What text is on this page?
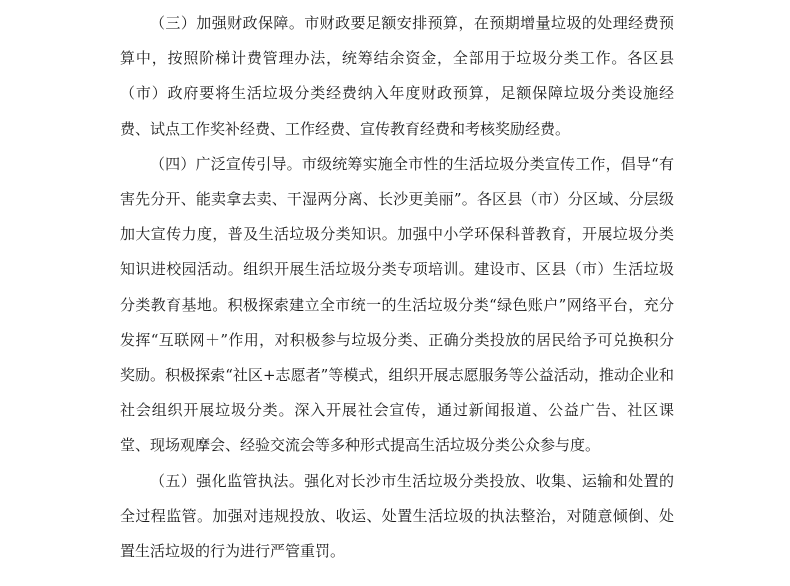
（三）加强财政保障。市财政要足额安排预算，在预期增量垃圾的处理经费预算中，按照阶梯计费管理办法，统筹结余资金，全部用于垃圾分类工作。各区县（市）政府要将生活垃圾分类经费纳入年度财政预算，足额保障垃圾分类设施经费、试点工作奖补经费、工作经费、宣传教育经费和考核奖励经费。

（四）广泛宣传引导。市级统筹实施全市性的生活垃圾分类宣传工作，倡导“有害先分开、能卖拿去卖、干湿两分离、长沙更美丽”。各区县（市）分区域、分层级加大宣传力度，普及生活垃圾分类知识。加强中小学环保科普教育，开展垃圾分类知识进校园活动。组织开展生活垃圾分类专项培训。建设市、区县（市）生活垃圾分类教育基地。积极探索建立全市统一的生活垃圾分类“绿色账户”网络平台，充分发挥“互联网＋”作用，对积极参与垃圾分类、正确分类投放的居民给予可兑换积分奖励。积极探索“社区+志愿者”等模式，组织开展志愿服务等公益活动，推动企业和社会组织开展垃圾分类。深入开展社会宣传，通过新闻报道、公益广告、社区课堂、现场观摩会、经验交流会等多种形式提高生活垃圾分类公众参与度。

（五）强化监管执法。强化对长沙市生活垃圾分类投放、收集、运输和处置的全过程监管。加强对违规投放、收运、处置生活垃圾的执法整治，对随意倾倒、处置生活垃圾的行为进行严管重罚。
